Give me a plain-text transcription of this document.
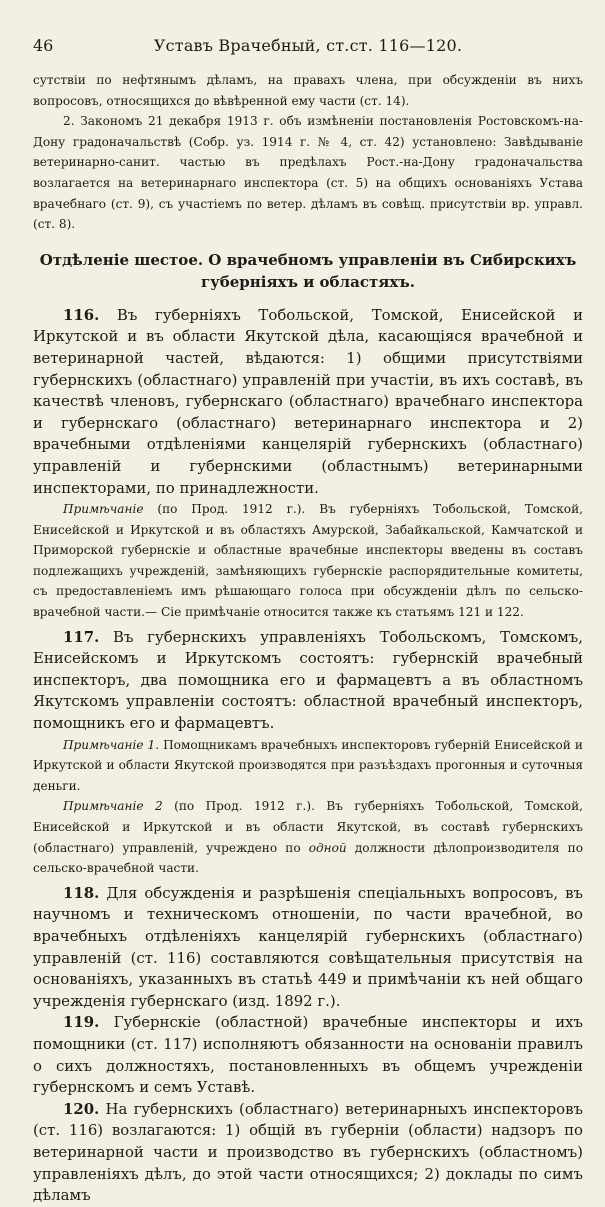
46	Уставъ Врачебный, ст.ст. 116—120.

сутствіи по нефтянымъ дѣламъ, на правахъ члена, при обсужденіи въ нихъ вопросовъ, относящихся до вѣвѣренной ему части (ст. 14).

2. Закономъ 21 декабря 1913 г. объ измѣненіи постановленія Ростовскомъ-на-Дону градоначальствѣ (Собр. уз. 1914 г. № 4, ст. 42) установлено: Завѣдываніе ветеринарно-санит. частью въ предѣлахъ Рост.-на-Дону градоначальства возлагается на ветеринарнаго инспектора (ст. 5) на общихъ основаніяхъ Устава врачебнаго (ст. 9), съ участіемъ по ветер. дѣламъ въ совѣщ. присутствіи вр. управл. (ст. 8).

Отдѣленіе шестое. О врачебномъ управленіи въ Сибирскихъ губерніяхъ и областяхъ.

116. Въ губерніяхъ Тобольской, Томской, Енисейской и Иркутской и въ области Якутской дѣла, касающіяся врачебной и ветеринарной частей, вѣдаются: 1) общими присутствіями губернскихъ (областнаго) управленій при участіи, въ ихъ составѣ, въ качествѣ членовъ, губернскаго (областнаго) врачебнаго инспектора и губернскаго (областнаго) ветеринарнаго инспектора и 2) врачебными отдѣленіями канцелярій губернскихъ (областнаго) управленій и губернскими (областнымъ) ветеринарными инспекторами, по принадлежности.

Примѣчаніе (по Прод. 1912 г.). Въ губерніяхъ Тобольской, Томской, Енисейской и Иркутской и въ областяхъ Амурской, Забайкальской, Камчатской и Приморской губернскіе и областные врачебные инспекторы введены въ составъ подлежащихъ учрежденій, замѣняющихъ губернскіе распорядительные комитеты, съ предоставленіемъ имъ рѣшающаго голоса при обсужденіи дѣлъ по сельско-врачебной части.— Сіе примѣчаніе относится также къ статьямъ 121 и 122.

117. Въ губернскихъ управленіяхъ Тобольскомъ, Томскомъ, Енисейскомъ и Иркутскомъ состоятъ: губернскій врачебный инспекторъ, два помощника его и фармацевтъ а въ областномъ Якутскомъ управленіи состоятъ: областной врачебный инспекторъ, помощникъ его и фармацевтъ.

Примѣчаніе 1. Помощникамъ врачебныхъ инспекторовъ губерній Енисейской и Иркутской и области Якутской производятся при разъѣздахъ прогонныя и суточныя деньги.

Примѣчаніе 2 (по Прод. 1912 г.). Въ губерніяхъ Тобольской, Томской, Енисейской и Иркутской и въ области Якутской, въ составѣ губернскихъ (областнаго) управленій, учреждено по одной должности дѣлопроизводителя по сельско-врачебной части.

118. Для обсужденія и разрѣшенія спеціальныхъ вопросовъ, въ научномъ и техническомъ отношеніи, по части врачебной, во врачебныхъ отдѣленіяхъ канцелярій губернскихъ (областнаго) управленій (ст. 116) составляются совѣщательныя присутствія на основаніяхъ, указанныхъ въ статьѣ 449 и примѣчаніи къ ней общаго учрежденія губернскаго (изд. 1892 г.).

119. Губернскіе (областной) врачебные инспекторы и ихъ помощники (ст. 117) исполняютъ обязанности на основаніи правилъ о сихъ должностяхъ, постановленныхъ въ общемъ учрежденіи губернскомъ и семъ Уставѣ.

120. На губернскихъ (областнаго) ветеринарныхъ инспекторовъ (ст. 116) возлагаются: 1) общій въ губерніи (области) надзоръ по ветеринарной части и производство въ губернскихъ (областномъ) управленіяхъ дѣлъ, до этой части относящихся; 2) доклады по симъ дѣламъ
